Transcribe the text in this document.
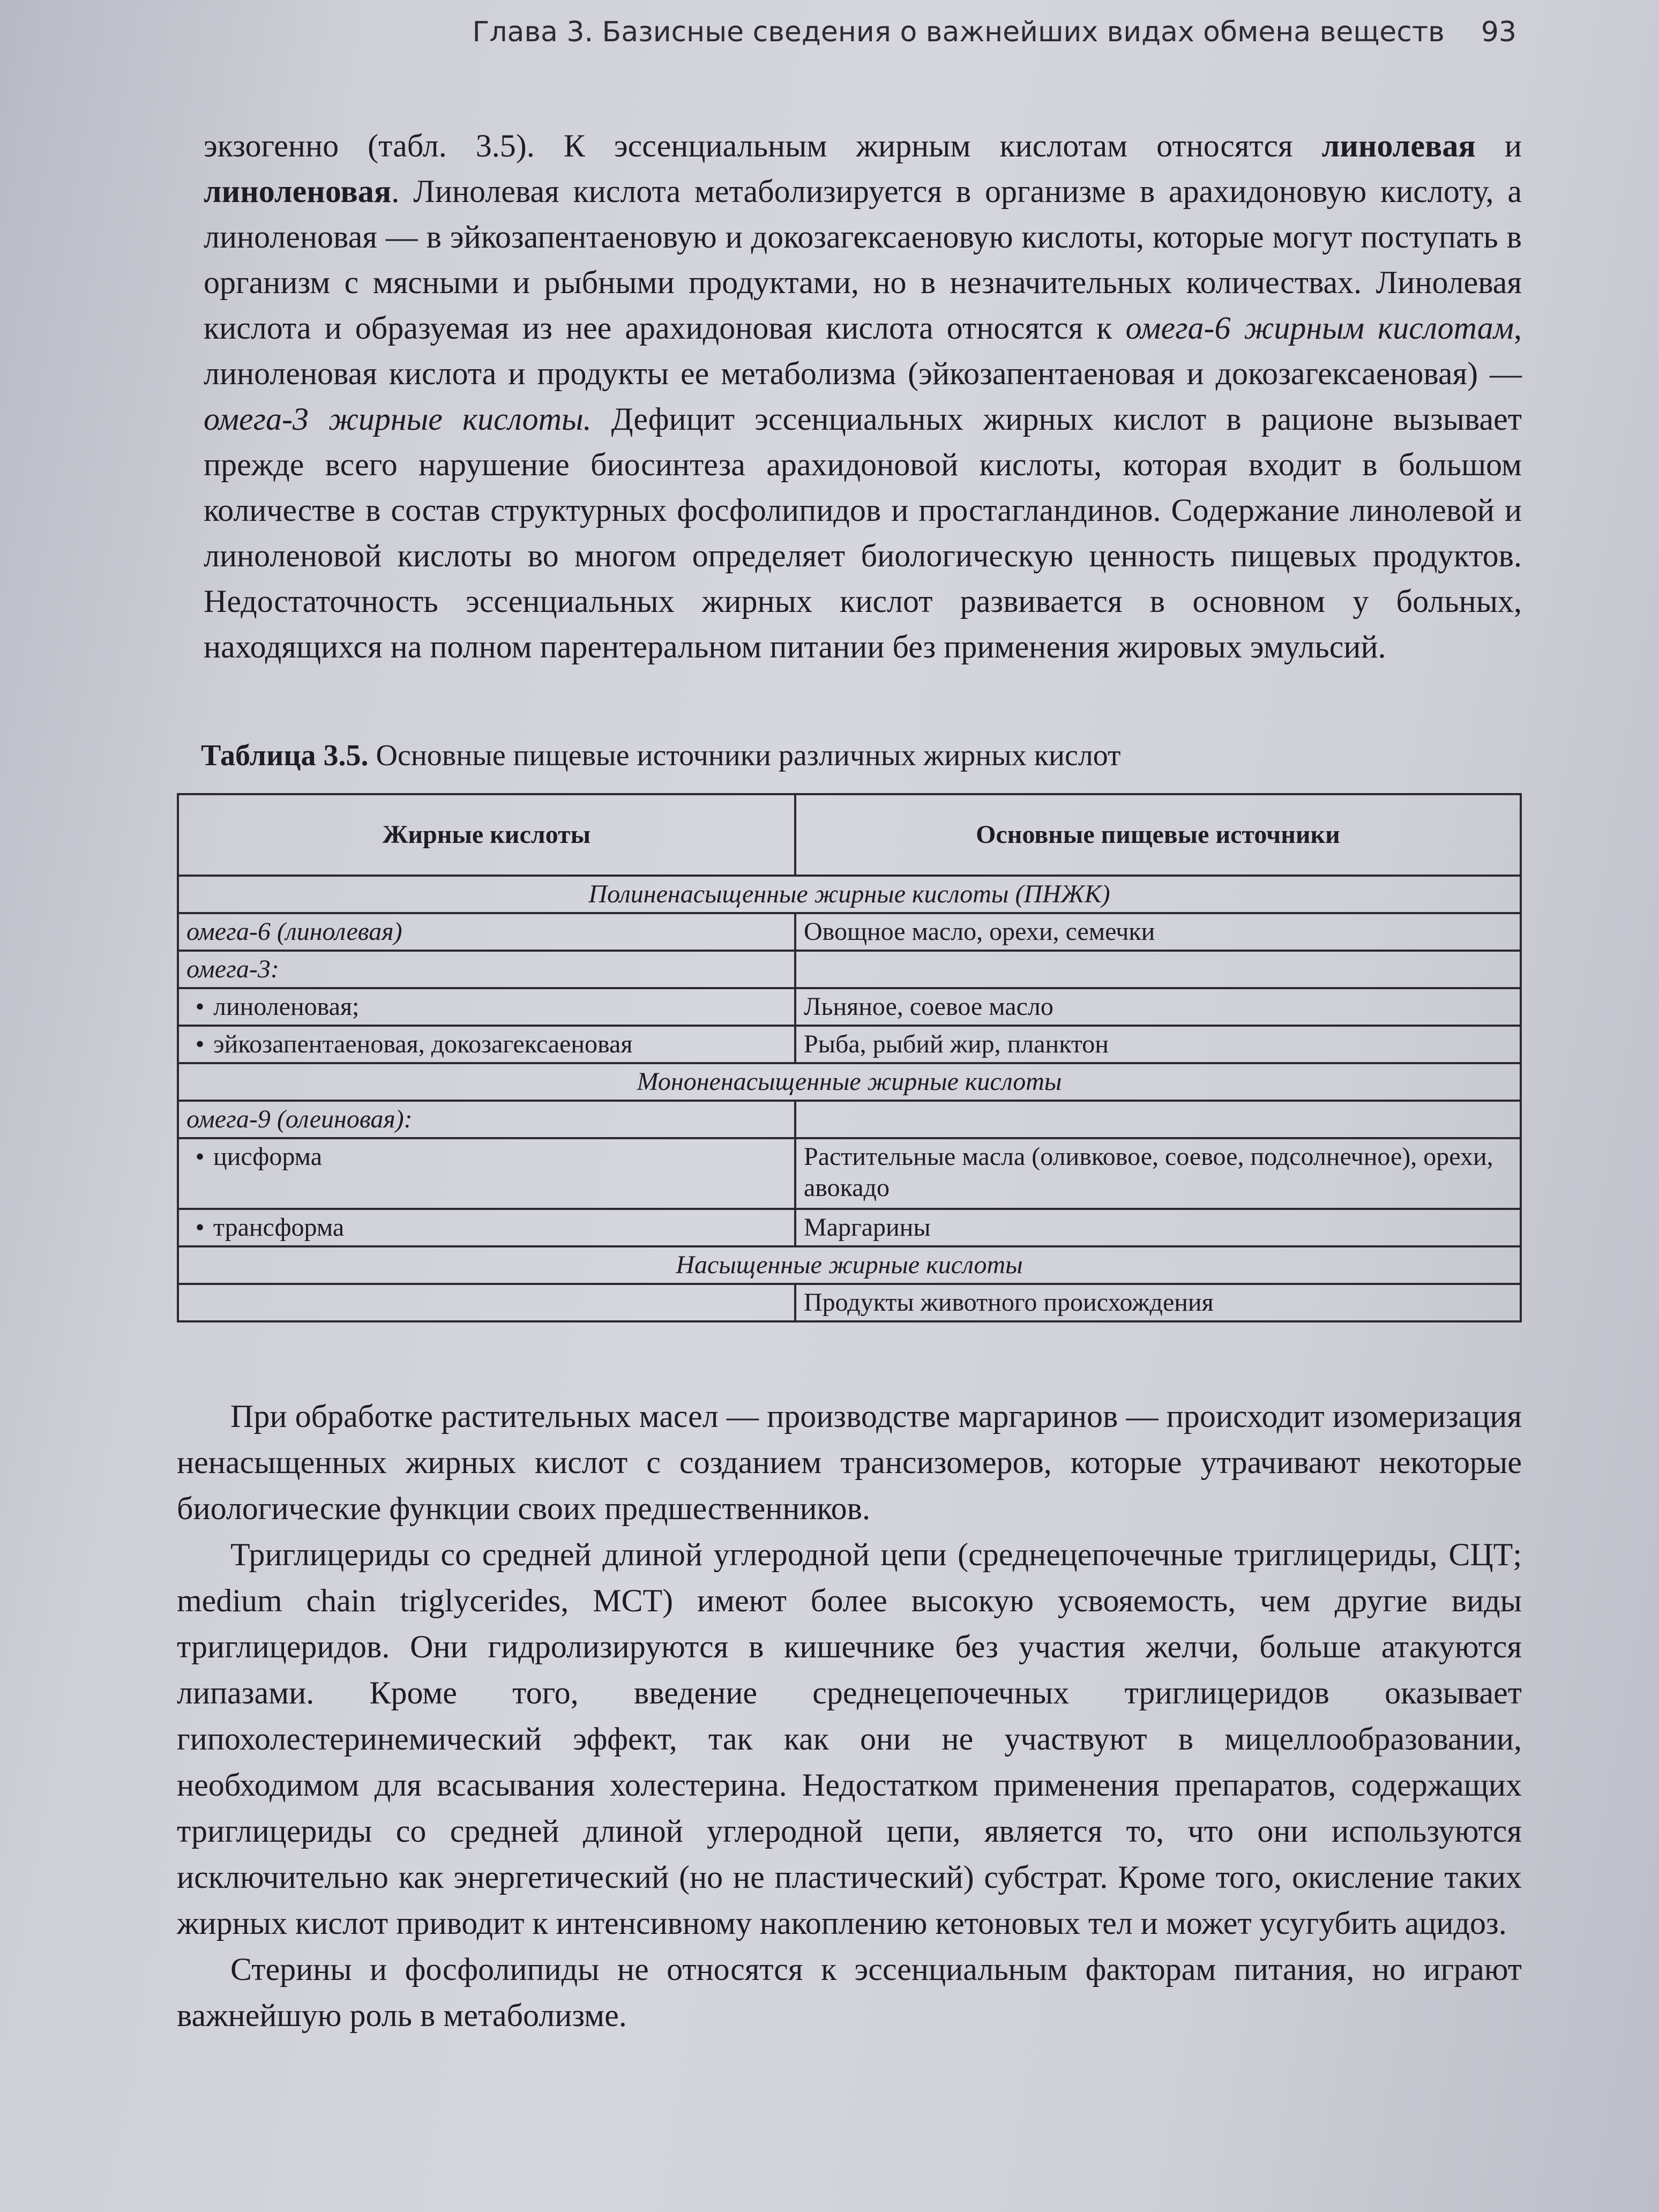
Глава 3. Базисные сведения о важнейших видах обмена веществ 93

экзогенно (табл. 3.5). К эссенциальным жирным кислотам относятся линолевая и линоленовая. Линолевая кислота метаболизируется в организме в арахидоновую кислоту, а линоленовая — в эйкозапентаеновую и докозагексаеновую кислоты, которые могут поступать в организм с мясными и рыбными продуктами, но в незначительных количествах. Линолевая кислота и образуемая из нее арахидоновая кислота относятся к омега-6 жирным кислотам, линоленовая кислота и продукты ее метаболизма (эйкозапентаеновая и докозагексаеновая) — омега-3 жирные кислоты. Дефицит эссенциальных жирных кислот в рационе вызывает прежде всего нарушение биосинтеза арахидоновой кислоты, которая входит в большом количестве в состав структурных фосфолипидов и простагландинов. Содержание линолевой и линоленовой кислоты во многом определяет биологическую ценность пищевых продуктов. Недостаточность эссенциальных жирных кислот развивается в основном у больных, находящихся на полном парентеральном питании без применения жировых эмульсий.

Таблица 3.5. Основные пищевые источники различных жирных кислот
Жирные кислоты	Основные пищевые источники
Полиненасыщенные жирные кислоты (ПНЖК)	
омега-6 (линолевая)	Овощное масло, орехи, семечки
омега-3:	
• линоленовая;	Льняное, соевое масло
• эйкозапентаеновая, докозагексаеновая	Рыба, рыбий жир, планктон
Мононенасыщенные жирные кислоты	
омега-9 (олеиновая):	
• цисформа	Растительные масла (оливковое, соевое, подсолнечное), орехи, авокадо
• трансформа	Маргарины
Насыщенные жирные кислоты	
	Продукты животного происхождения

При обработке растительных масел — производстве маргаринов — происходит изомеризация ненасыщенных жирных кислот с созданием трансизомеров, которые утрачивают некоторые биологические функции своих предшественников.

Триглицериды со средней длиной углеродной цепи (среднецепочечные триглицериды, СЦТ; medium chain triglycerides, МСТ) имеют более высокую усвояемость, чем другие виды триглицеридов. Они гидролизируются в кишечнике без участия желчи, больше атакуются липазами. Кроме того, введение среднецепочечных триглицеридов оказывает гипохолестеринемический эффект, так как они не участвуют в мицеллообразовании, необходимом для всасывания холестерина. Недостатком применения препаратов, содержащих триглицериды со средней длиной углеродной цепи, является то, что они используются исключительно как энергетический (но не пластический) субстрат. Кроме того, окисление таких жирных кислот приводит к интенсивному накоплению кетоновых тел и может усугубить ацидоз.

Стерины и фосфолипиды не относятся к эссенциальным факторам питания, но играют важнейшую роль в метаболизме.
